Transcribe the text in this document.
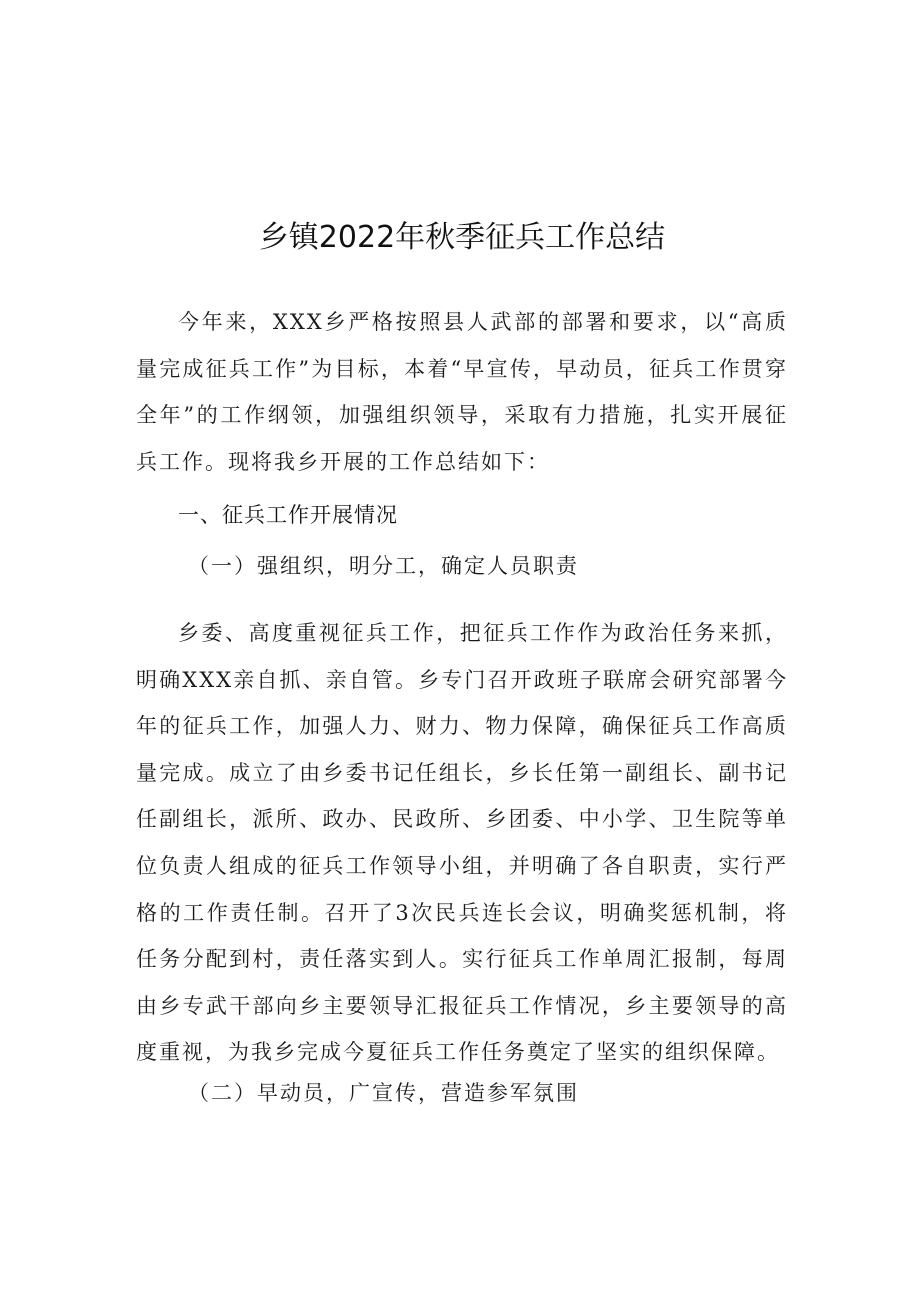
乡镇2022年秋季征兵工作总结

今年来，XXX乡严格按照县人武部的部署和要求，以“高质量完成征兵工作”为目标，本着“早宣传，早动员，征兵工作贯穿全年”的工作纲领，加强组织领导，采取有力措施，扎实开展征兵工作。现将我乡开展的工作总结如下：

一、征兵工作开展情况
（一）强组织，明分工，确定人员职责

乡委、高度重视征兵工作，把征兵工作作为政治任务来抓，明确XXX亲自抓、亲自管。乡专门召开政班子联席会研究部署今年的征兵工作，加强人力、财力、物力保障，确保征兵工作高质量完成。成立了由乡委书记任组长，乡长任第一副组长、副书记任副组长，派所、政办、民政所、乡团委、中小学、卫生院等单位负责人组成的征兵工作领导小组，并明确了各自职责，实行严格的工作责任制。召开了3次民兵连长会议，明确奖惩机制，将任务分配到村，责任落实到人。实行征兵工作单周汇报制，每周由乡专武干部向乡主要领导汇报征兵工作情况，乡主要领导的高度重视，为我乡完成今夏征兵工作任务奠定了坚实的组织保障。

（二）早动员，广宣传，营造参军氛围
